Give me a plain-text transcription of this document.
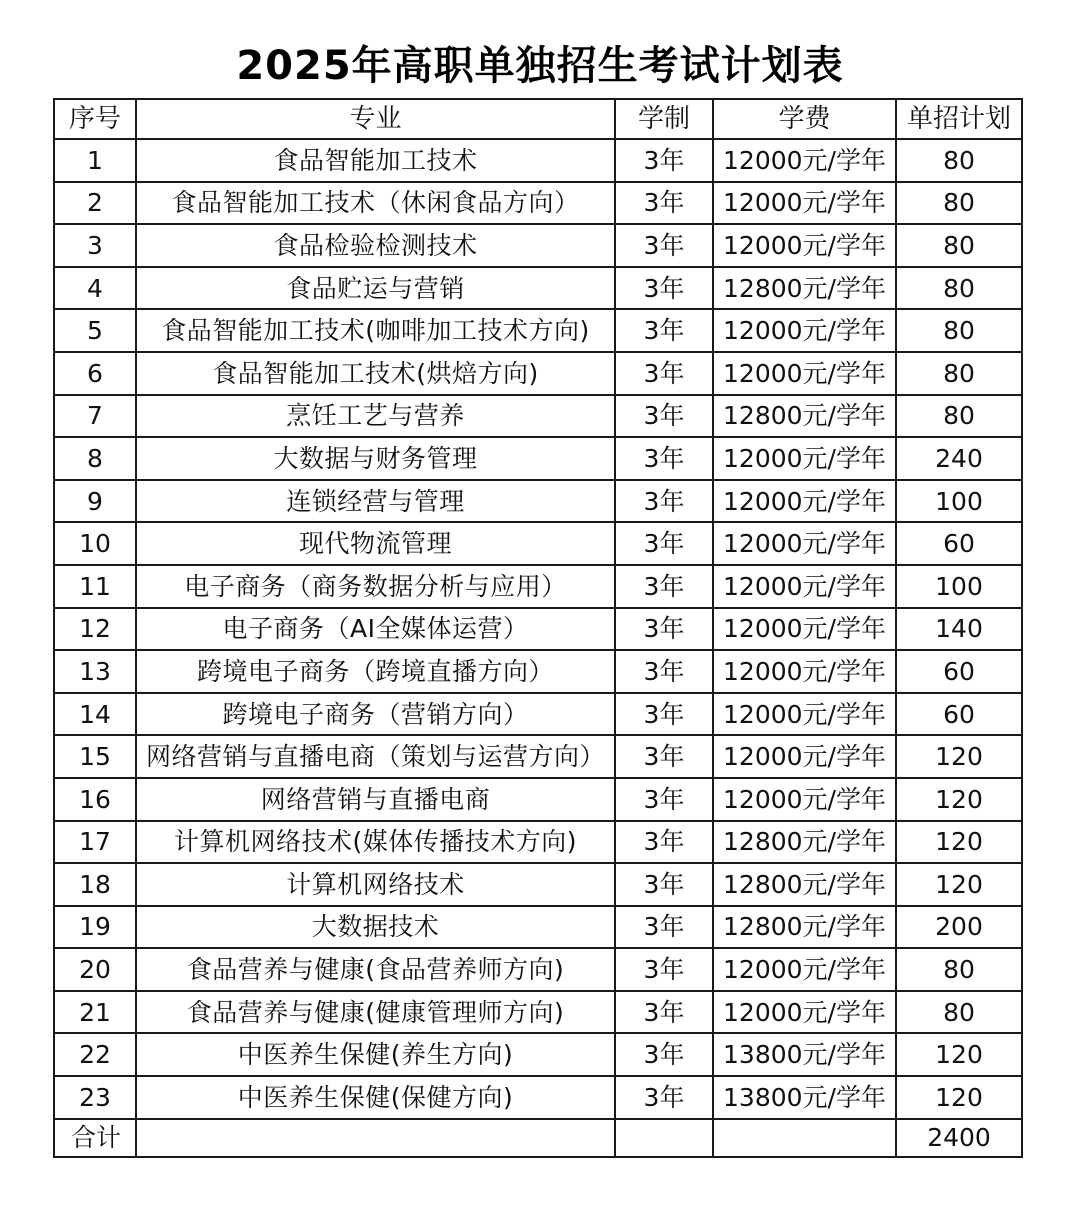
2025年高职单独招生考试计划表
序号	专业	学制	学费	单招计划
1	食品智能加工技术	3年	12000元/学年	80
2	食品智能加工技术（休闲食品方向）	3年	12000元/学年	80
3	食品检验检测技术	3年	12000元/学年	80
4	食品贮运与营销	3年	12800元/学年	80
5	食品智能加工技术(咖啡加工技术方向)	3年	12000元/学年	80
6	食品智能加工技术(烘焙方向)	3年	12000元/学年	80
7	烹饪工艺与营养	3年	12800元/学年	80
8	大数据与财务管理	3年	12000元/学年	240
9	连锁经营与管理	3年	12000元/学年	100
10	现代物流管理	3年	12000元/学年	60
11	电子商务（商务数据分析与应用）	3年	12000元/学年	100
12	电子商务（AI全媒体运营）	3年	12000元/学年	140
13	跨境电子商务（跨境直播方向）	3年	12000元/学年	60
14	跨境电子商务（营销方向）	3年	12000元/学年	60
15	网络营销与直播电商（策划与运营方向）	3年	12000元/学年	120
16	网络营销与直播电商	3年	12000元/学年	120
17	计算机网络技术(媒体传播技术方向)	3年	12800元/学年	120
18	计算机网络技术	3年	12800元/学年	120
19	大数据技术	3年	12800元/学年	200
20	食品营养与健康(食品营养师方向)	3年	12000元/学年	80
21	食品营养与健康(健康管理师方向)	3年	12000元/学年	80
22	中医养生保健(养生方向)	3年	13800元/学年	120
23	中医养生保健(保健方向)	3年	13800元/学年	120
合计				2400
